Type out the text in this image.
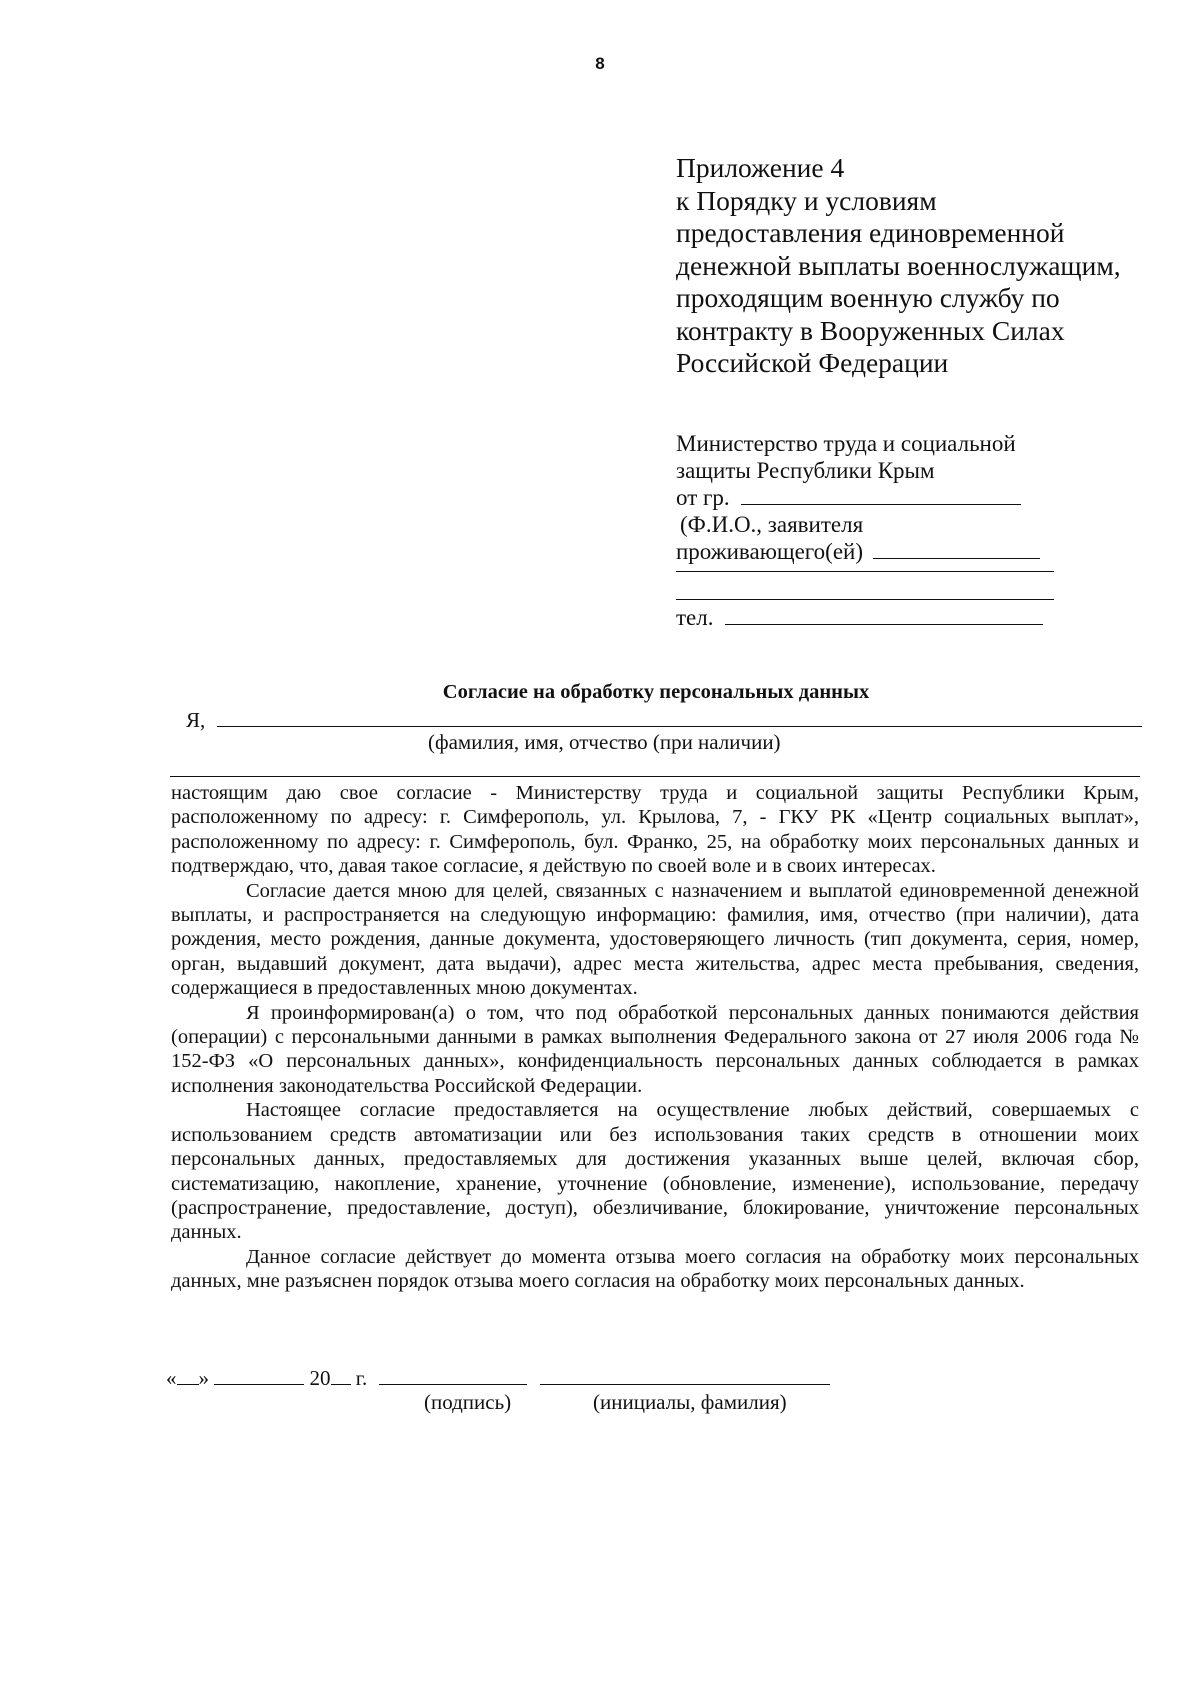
8
Приложение 4
к Порядку и условиям
предоставления единовременной
денежной выплаты военнослужащим,
проходящим военную службу по
контракту в Вооруженных Силах
Российской Федерации
Министерство труда и социальной
защиты Республики Крым
от гр.
(Ф.И.О., заявителя
проживающего(ей)
тел.
Согласие на обработку персональных данных
Я,
(фамилия, имя, отчество (при наличии)

настоящим даю свое согласие - Министерству труда и социальной защиты Республики Крым, расположенному по адресу: г. Симферополь, ул. Крылова, 7, - ГКУ РК «Центр социальных выплат», расположенному по адресу: г. Симферополь, бул. Франко, 25, на обработку моих персональных данных и подтверждаю, что, давая такое согласие, я действую по своей воле и в своих интересах.

Согласие дается мною для целей, связанных с назначением и выплатой единовременной денежной выплаты, и распространяется на следующую информацию: фамилия, имя, отчество (при наличии), дата рождения, место рождения, данные документа, удостоверяющего личность (тип документа, серия, номер, орган, выдавший документ, дата выдачи), адрес места жительства, адрес места пребывания, сведения, содержащиеся в предоставленных мною документах.

Я проинформирован(а) о том, что под обработкой персональных данных понимаются действия (операции) с персональными данными в рамках выполнения Федерального закона от 27 июля 2006 года № 152-ФЗ «О персональных данных», конфиденциальность персональных данных соблюдается в рамках исполнения законодательства Российской Федерации.

Настоящее согласие предоставляется на осуществление любых действий, совершаемых с использованием средств автоматизации или без использования таких средств в отношении моих персональных данных, предоставляемых для достижения указанных выше целей, включая сбор, систематизацию, накопление, хранение, уточнение (обновление, изменение), использование, передачу (распространение, предоставление, доступ), обезличивание, блокирование, уничтожение персональных данных.

Данное согласие действует до момента отзыва моего согласия на обработку моих персональных данных, мне разъяснен порядок отзыва моего согласия на обработку моих персональных данных.

« »	20 г.
(подпись)	(инициалы, фамилия)
